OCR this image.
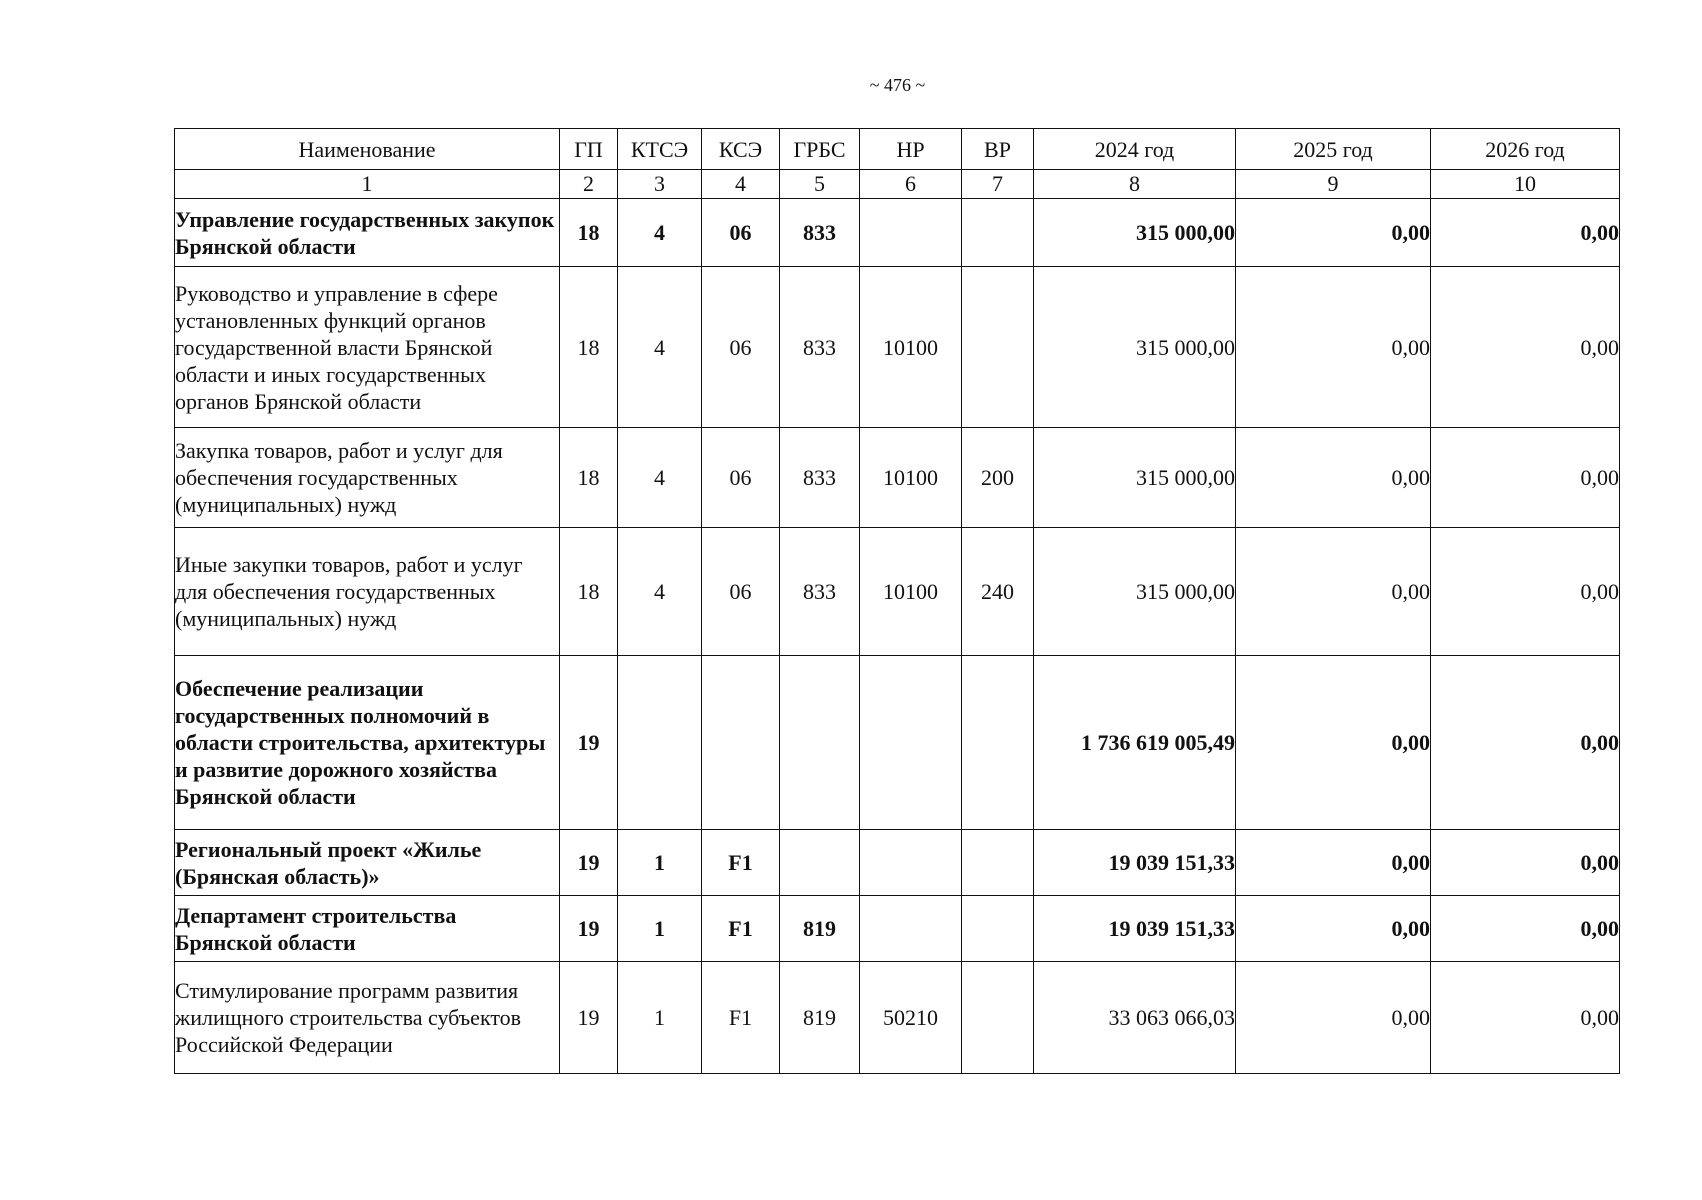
~ 476 ~
Наименование	ГП	КТСЭ	КСЭ	ГРБС	НР	ВР	2024 год	2025 год	2026 год
1	2	3	4	5	6	7	8	9	10
Управление государственных закупок Брянской области	18	4	06	833			315 000,00	0,00	0,00
Руководство и управление в сфере установленных функций органов государственной власти Брянской области и иных государственных органов Брянской области	18	4	06	833	10100		315 000,00	0,00	0,00
Закупка товаров, работ и услуг для обеспечения государственных (муниципальных) нужд	18	4	06	833	10100	200	315 000,00	0,00	0,00
Иные закупки товаров, работ и услуг для обеспечения государственных (муниципальных) нужд	18	4	06	833	10100	240	315 000,00	0,00	0,00
Обеспечение реализации государственных полномочий в области строительства, архитектуры и развитие дорожного хозяйства Брянской области	19						1 736 619 005,49	0,00	0,00
Региональный проект «Жилье (Брянская область)»	19	1	F1				19 039 151,33	0,00	0,00
Департамент строительства Брянской области	19	1	F1	819			19 039 151,33	0,00	0,00
Стимулирование программ развития жилищного строительства субъектов Российской Федерации	19	1	F1	819	50210		33 063 066,03	0,00	0,00
